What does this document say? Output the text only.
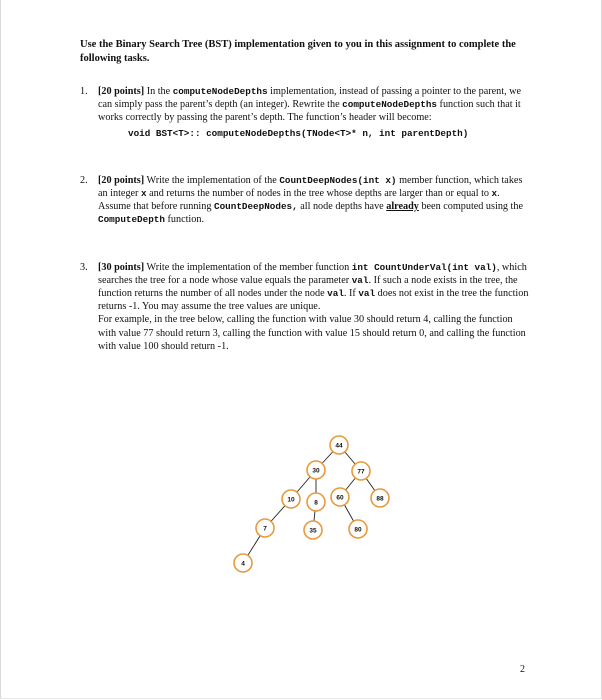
Use the Binary Search Tree (BST) implementation given to you in this assignment to complete the following tasks.

1. [20 points] In the computeNodeDepths implementation, instead of passing a pointer to the parent, we can simply pass the parent’s depth (an integer). Rewrite the computeNodeDepths function such that it works correctly by passing the parent’s depth. The function’s header will become:

void BST<T>:: computeNodeDepths(TNode<T>* n, int parentDepth)
2. [20 points] Write the implementation of the CountDeepNodes(int x) member function, which takes an integer x and returns the number of nodes in the tree whose depths are larger than or equal to x. Assume that before running CountDeepNodes, all node depths have already been computed using the ComputeDepth function.

3. [30 points] Write the implementation of the member function int CountUnderVal(int val), which searches the tree for a node whose value equals the parameter val. If such a node exists in the tree, the function returns the number of all nodes under the node val. If val does not exist in the tree the function returns -1. You may assume the tree values are unique.

For example, in the tree below, calling the function with value 30 should return 4, calling the function with value 77 should return 3, calling the function with value 15 should return 0, and calling the function with value 100 should return -1.

44
30	77
10	8
60	88
7	35	80
4
2
